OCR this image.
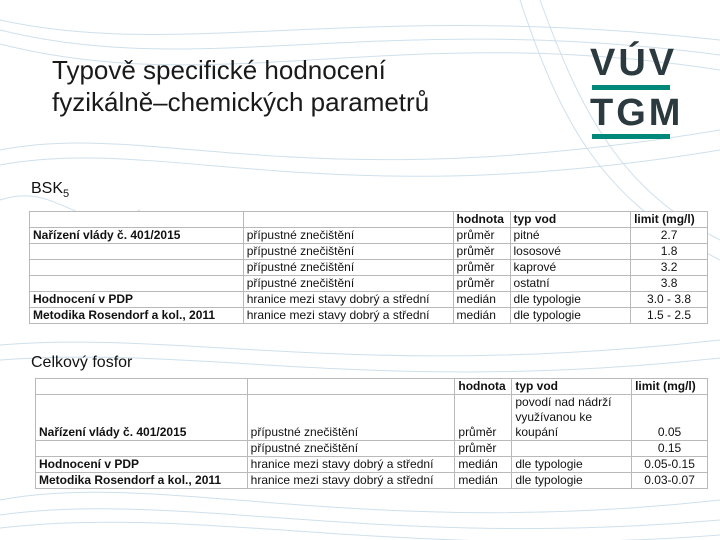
Typově specifické hodnocení
fyzikálně–chemických parametrů
VÚV
TGM
$BSK_5$
		hodnota	typ vod	limit (mg/l)
Nařízení vlády č. 401/2015	přípustné znečištění	průměr	pitné	2.7
	přípustné znečištění	průměr	lososové	1.8
	přípustné znečištění	průměr	kaprové	3.2
	přípustné znečištění	průměr	ostatní	3.8
Hodnocení v PDP	hranice mezi stavy dobrý a střední	medián	dle typologie	3.0 - 3.8
Metodika Rosendorf a kol., 2011	hranice mezi stavy dobrý a střední	medián	dle typologie	1.5 - 2.5
Celkový fosfor
		hodnota	typ vod	limit (mg/l)
Nařízení vlády č. 401/2015	přípustné znečištění	průměr	povodí nad nádrží
využívanou ke
koupání	0.05
	přípustné znečištění	průměr		0.15
Hodnocení v PDP	hranice mezi stavy dobrý a střední	medián	dle typologie	0.05-0.15
Metodika Rosendorf a kol., 2011	hranice mezi stavy dobrý a střední	medián	dle typologie	0.03-0.07
